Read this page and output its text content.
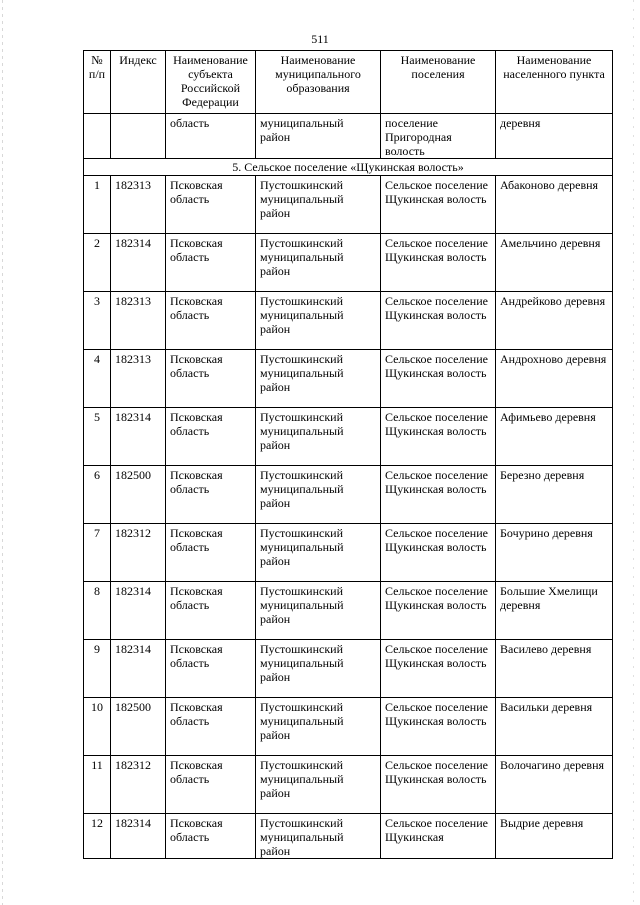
511
№ п/п	Индекс	Наименование субъекта Российской Федерации	Наименование муниципального образования	Наименование поселения	Наименование населенного пункта
		область	муниципальный район	поселение Пригородная волость	деревня
5. Сельское поселение «Щукинская волость»					
1	182313	Псковская область	Пустошкинский муниципальный район	Сельское поселение Щукинская волость	Абаконово деревня
2	182314	Псковская область	Пустошкинский муниципальный район	Сельское поселение Щукинская волость	Амельчино деревня
3	182313	Псковская область	Пустошкинский муниципальный район	Сельское поселение Щукинская волость	Андрейково деревня
4	182313	Псковская область	Пустошкинский муниципальный район	Сельское поселение Щукинская волость	Андрохново деревня
5	182314	Псковская область	Пустошкинский муниципальный район	Сельское поселение Щукинская волость	Афимьево деревня
6	182500	Псковская область	Пустошкинский муниципальный район	Сельское поселение Щукинская волость	Березно деревня
7	182312	Псковская область	Пустошкинский муниципальный район	Сельское поселение Щукинская волость	Бочурино деревня
8	182314	Псковская область	Пустошкинский муниципальный район	Сельское поселение Щукинская волость	Большие Хмелищи деревня
9	182314	Псковская область	Пустошкинский муниципальный район	Сельское поселение Щукинская волость	Василево деревня
10	182500	Псковская область	Пустошкинский муниципальный район	Сельское поселение Щукинская волость	Васильки деревня
11	182312	Псковская область	Пустошкинский муниципальный район	Сельское поселение Щукинская волость	Волочагино деревня
12	182314	Псковская область	Пустошкинский муниципальный район	Сельское поселение Щукинская	Выдрие деревня
